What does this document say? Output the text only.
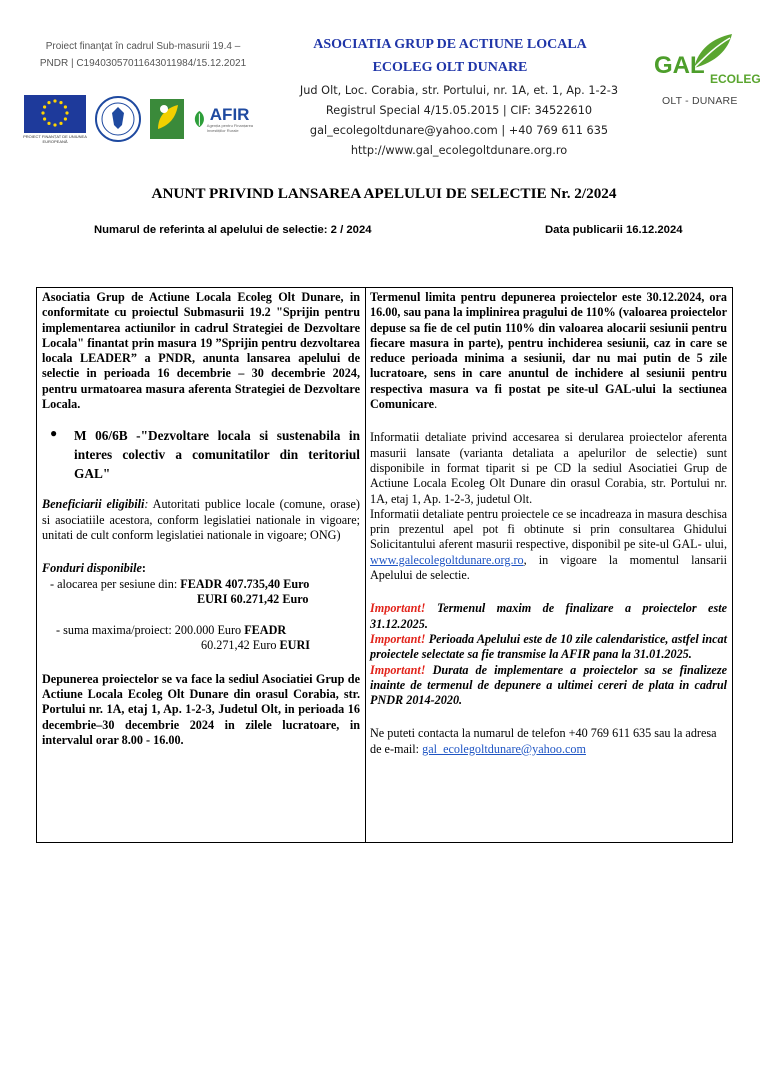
Proiect finanţat în cadrul Sub-masurii 19.4 –
PNDR | C19403057011643011984/15.12.2021
ASOCIATIA GRUP DE ACTIUNE LOCALA
ECOLEG OLT DUNARE
Jud Olt, Loc. Corabia, str. Portului, nr. 1A, et. 1, Ap. 1-2-3
Registrul Special 4/15.05.2015 | CIF: 34522610
gal_ecolegoltdunare@yahoo.com | +40 769 611 635
http://www.gal_ecolegoltdunare.org.ro
PROIECT FINANȚAT DE UNIUNEA EUROPEANĂ
AFIR
Agenția pentru Finanțarea Investițiilor Rurale
GAL ECOLEG
OLT - DUNARE
ANUNT PRIVIND LANSAREA APELULUI DE SELECTIE Nr. 2/2024
Numarul de referinta al apelului de selectie: 2 / 2024	Data publicarii 16.12.2024

Asociatia Grup de Actiune Locala Ecoleg Olt Dunare, in conformitate cu proiectul Submasurii 19.2 "Sprijin pentru implementarea actiunilor in cadrul Strategiei de Dezvoltare Locala" finantat prin masura 19 ”Sprijin pentru dezvoltarea locala LEADER” a PNDR, anunta lansarea apelului de selectie in perioada 16 decembrie – 30 decembrie 2024, pentru urmatoarea masura aferenta Strategiei de Dezvoltare Locala.

●	M 06/6B -"Dezvoltare locala si sustenabila in interes colectiv a comunitatilor din teritoriul GAL"

Beneficiarii eligibili: Autoritati publice locale (comune, orase) si asociatiile acestora, conform legislatiei nationale in vigoare; unitati de cult conform legislatiei nationale in vigoare; ONG)

Fonduri disponibile:

- alocarea per sesiune din: FEADR 407.735,40 Euro

EURI 60.271,42 Euro

- suma maxima/proiect: 200.000 Euro FEADR

60.271,42 Euro EURI

Depunerea proiectelor se va face la sediul Asociatiei Grup de Actiune Locala Ecoleg Olt Dunare din orasul Corabia, str. Portului nr. 1A, etaj 1, Ap. 1-2-3, Judetul Olt, in perioada 16 decembrie–30 decembrie 2024 in zilele lucratoare, in intervalul orar 8.00 - 16.00.

Termenul limita pentru depunerea proiectelor este 30.12.2024, ora 16.00, sau pana la implinirea pragului de 110% (valoarea proiectelor depuse sa fie de cel putin 110% din valoarea alocarii sesiunii pentru fiecare masura in parte), pentru inchiderea sesiunii, caz in care se reduce perioada minima a sesiunii, dar nu mai putin de 5 zile lucratoare, sens in care anuntul de inchidere al sesiunii pentru respectiva masura va fi postat pe site-ul GAL-ului la sectiunea Comunicare.

Informatii detaliate privind accesarea si derularea proiectelor aferenta masurii lansate (varianta detaliata a apelurilor de selectie) sunt disponibile in format tiparit si pe CD la sediul Asociatiei Grup de Actiune Locala Ecoleg Olt Dunare din orasul Corabia, str. Portului nr. 1A, etaj 1, Ap. 1-2-3, judetul Olt.

Informatii detaliate pentru proiectele ce se incadreaza in masura deschisa prin prezentul apel pot fi obtinute si prin consultarea Ghidului Solicitantului aferent masurii respective, disponibil pe site-ul GAL- ului, www.galecolegoltdunare.org.ro, in vigoare la momentul lansarii Apelului de selectie.

Important! Termenul maxim de finalizare a proiectelor este 31.12.2025.

Important! Perioada Apelului este de 10 zile calendaristice, astfel incat proiectele selectate sa fie transmise la AFIR pana la 31.01.2025.

Important! Durata de implementare a proiectelor sa se finalizeze inainte de termenul de depunere a ultimei cereri de plata in cadrul PNDR 2014-2020.

Ne puteti contacta la numarul de telefon +40 769 611 635 sau la adresa de e-mail: gal_ecolegoltdunare@yahoo.com
